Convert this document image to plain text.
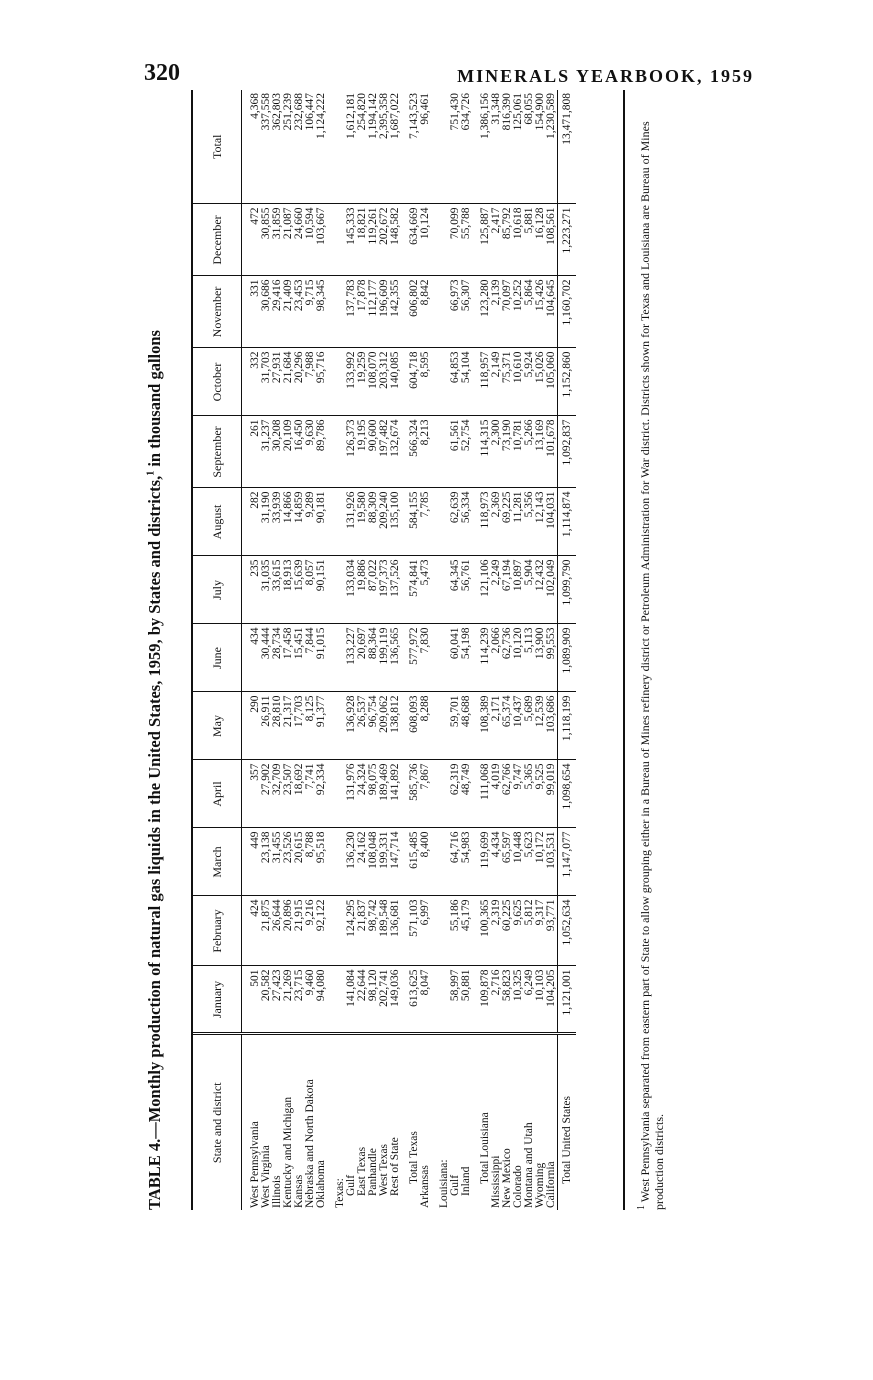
320	MINERALS YEARBOOK, 1959
TABLE 4.—Monthly production of natural gas liquids in the United States, 1959, by States and districts,$^1$ in thousand gallons
State and district	January	February	March	April	May	June	July	August	September	October	November	December	Total

West Pennsylvania	501	424	449	357	290	434	235	282	261	332	331	472	4,368
West Virginia	20,582	21,875	23,138	27,902	26,911	30,444	31,035	31,190	31,237	31,703	30,686	30,855	337,558
Illinois	27,423	26,644	31,455	32,709	28,810	28,734	33,615	33,939	30,208	27,931	29,416	31,859	362,803
Kentucky and Michigan	21,269	20,896	23,526	23,507	21,317	17,458	18,913	14,866	20,109	21,684	21,409	21,087	251,239
Kansas	23,715	21,915	20,615	18,692	17,703	15,451	15,639	14,859	16,450	20,296	23,453	24,660	232,688
Nebraska and North Dakota	9,460	9,216	8,788	7,741	8,125	7,844	8,057	9,289	9,630	7,988	9,715	10,594	106,447
Oklahoma	94,080	92,122	95,518	92,334	91,377	91,015	90,151	90,181	89,786	95,716	98,345	103,667	1,124,222

Texas:													
Gulf	141,084	124,295	136,230	131,976	136,928	133,227	133,034	131,926	126,373	133,992	137,783	145,333	1,612,181
East Texas	22,644	21,837	24,162	24,324	26,537	20,697	19,886	19,580	19,195	19,259	17,878	18,821	254,820
Panhandle	98,120	98,742	108,048	98,075	96,754	88,364	87,022	88,309	90,600	108,070	112,177	119,261	1,194,142
West Texas	202,741	189,548	199,331	189,469	209,062	199,119	197,373	209,240	197,482	203,312	196,609	202,672	2,395,358
Rest of State	149,036	136,681	147,714	141,892	138,812	136,565	137,526	135,100	132,674	140,085	142,355	148,582	1,687,022

Total Texas	613,625	571,103	615,485	585,736	608,093	577,972	574,841	584,155	566,324	604,718	606,802	634,669	7,143,523
Arkansas	8,047	6,997	8,400	7,867	8,288	7,830	5,473	7,785	8,213	8,595	8,842	10,124	96,461

Louisiana:													
Gulf	58,997	55,186	64,716	62,319	59,701	60,041	64,345	62,639	61,561	64,853	66,973	70,099	751,430
Inland	50,881	45,179	54,983	48,749	48,688	54,198	56,761	56,334	52,754	54,104	56,307	55,788	634,726

Total Louisiana	109,878	100,365	119,699	111,068	108,389	114,239	121,106	118,973	114,315	118,957	123,280	125,887	1,386,156
Mississippi	2,716	2,319	4,434	4,019	2,171	2,066	2,249	2,369	2,300	2,149	2,139	2,417	31,348
New Mexico	58,823	60,225	65,597	62,766	65,374	62,736	67,194	69,225	73,190	75,371	70,097	85,792	816,390
Colorado	10,325	9,625	10,448	9,747	10,437	10,120	10,897	11,281	10,781	10,610	10,252	10,618	125,061
Montana and Utah	6,249	5,812	5,623	5,365	5,689	5,113	5,904	5,356	5,266	5,924	5,864	5,881	68,055
Wyoming	10,103	9,317	10,172	9,525	12,539	13,900	12,432	12,143	13,169	15,026	15,426	16,128	154,900
California	104,205	93,771	103,531	99,019	103,686	99,553	102,049	104,031	101,678	105,060	104,645	108,561	1,230,589
Total United States	1,121,001	1,052,634	1,147,077	1,098,654	1,118,199	1,089,909	1,099,790	1,114,874	1,092,837	1,152,860	1,160,702	1,223,271	13,471,808
$^1$ West Pennsylvania separated from eastern part of State to allow grouping either in a Bureau of Mines refinery district or Petroleum Administration for War district. Districts shown for Texas and Louisiana are Bureau of Mines production districts.
